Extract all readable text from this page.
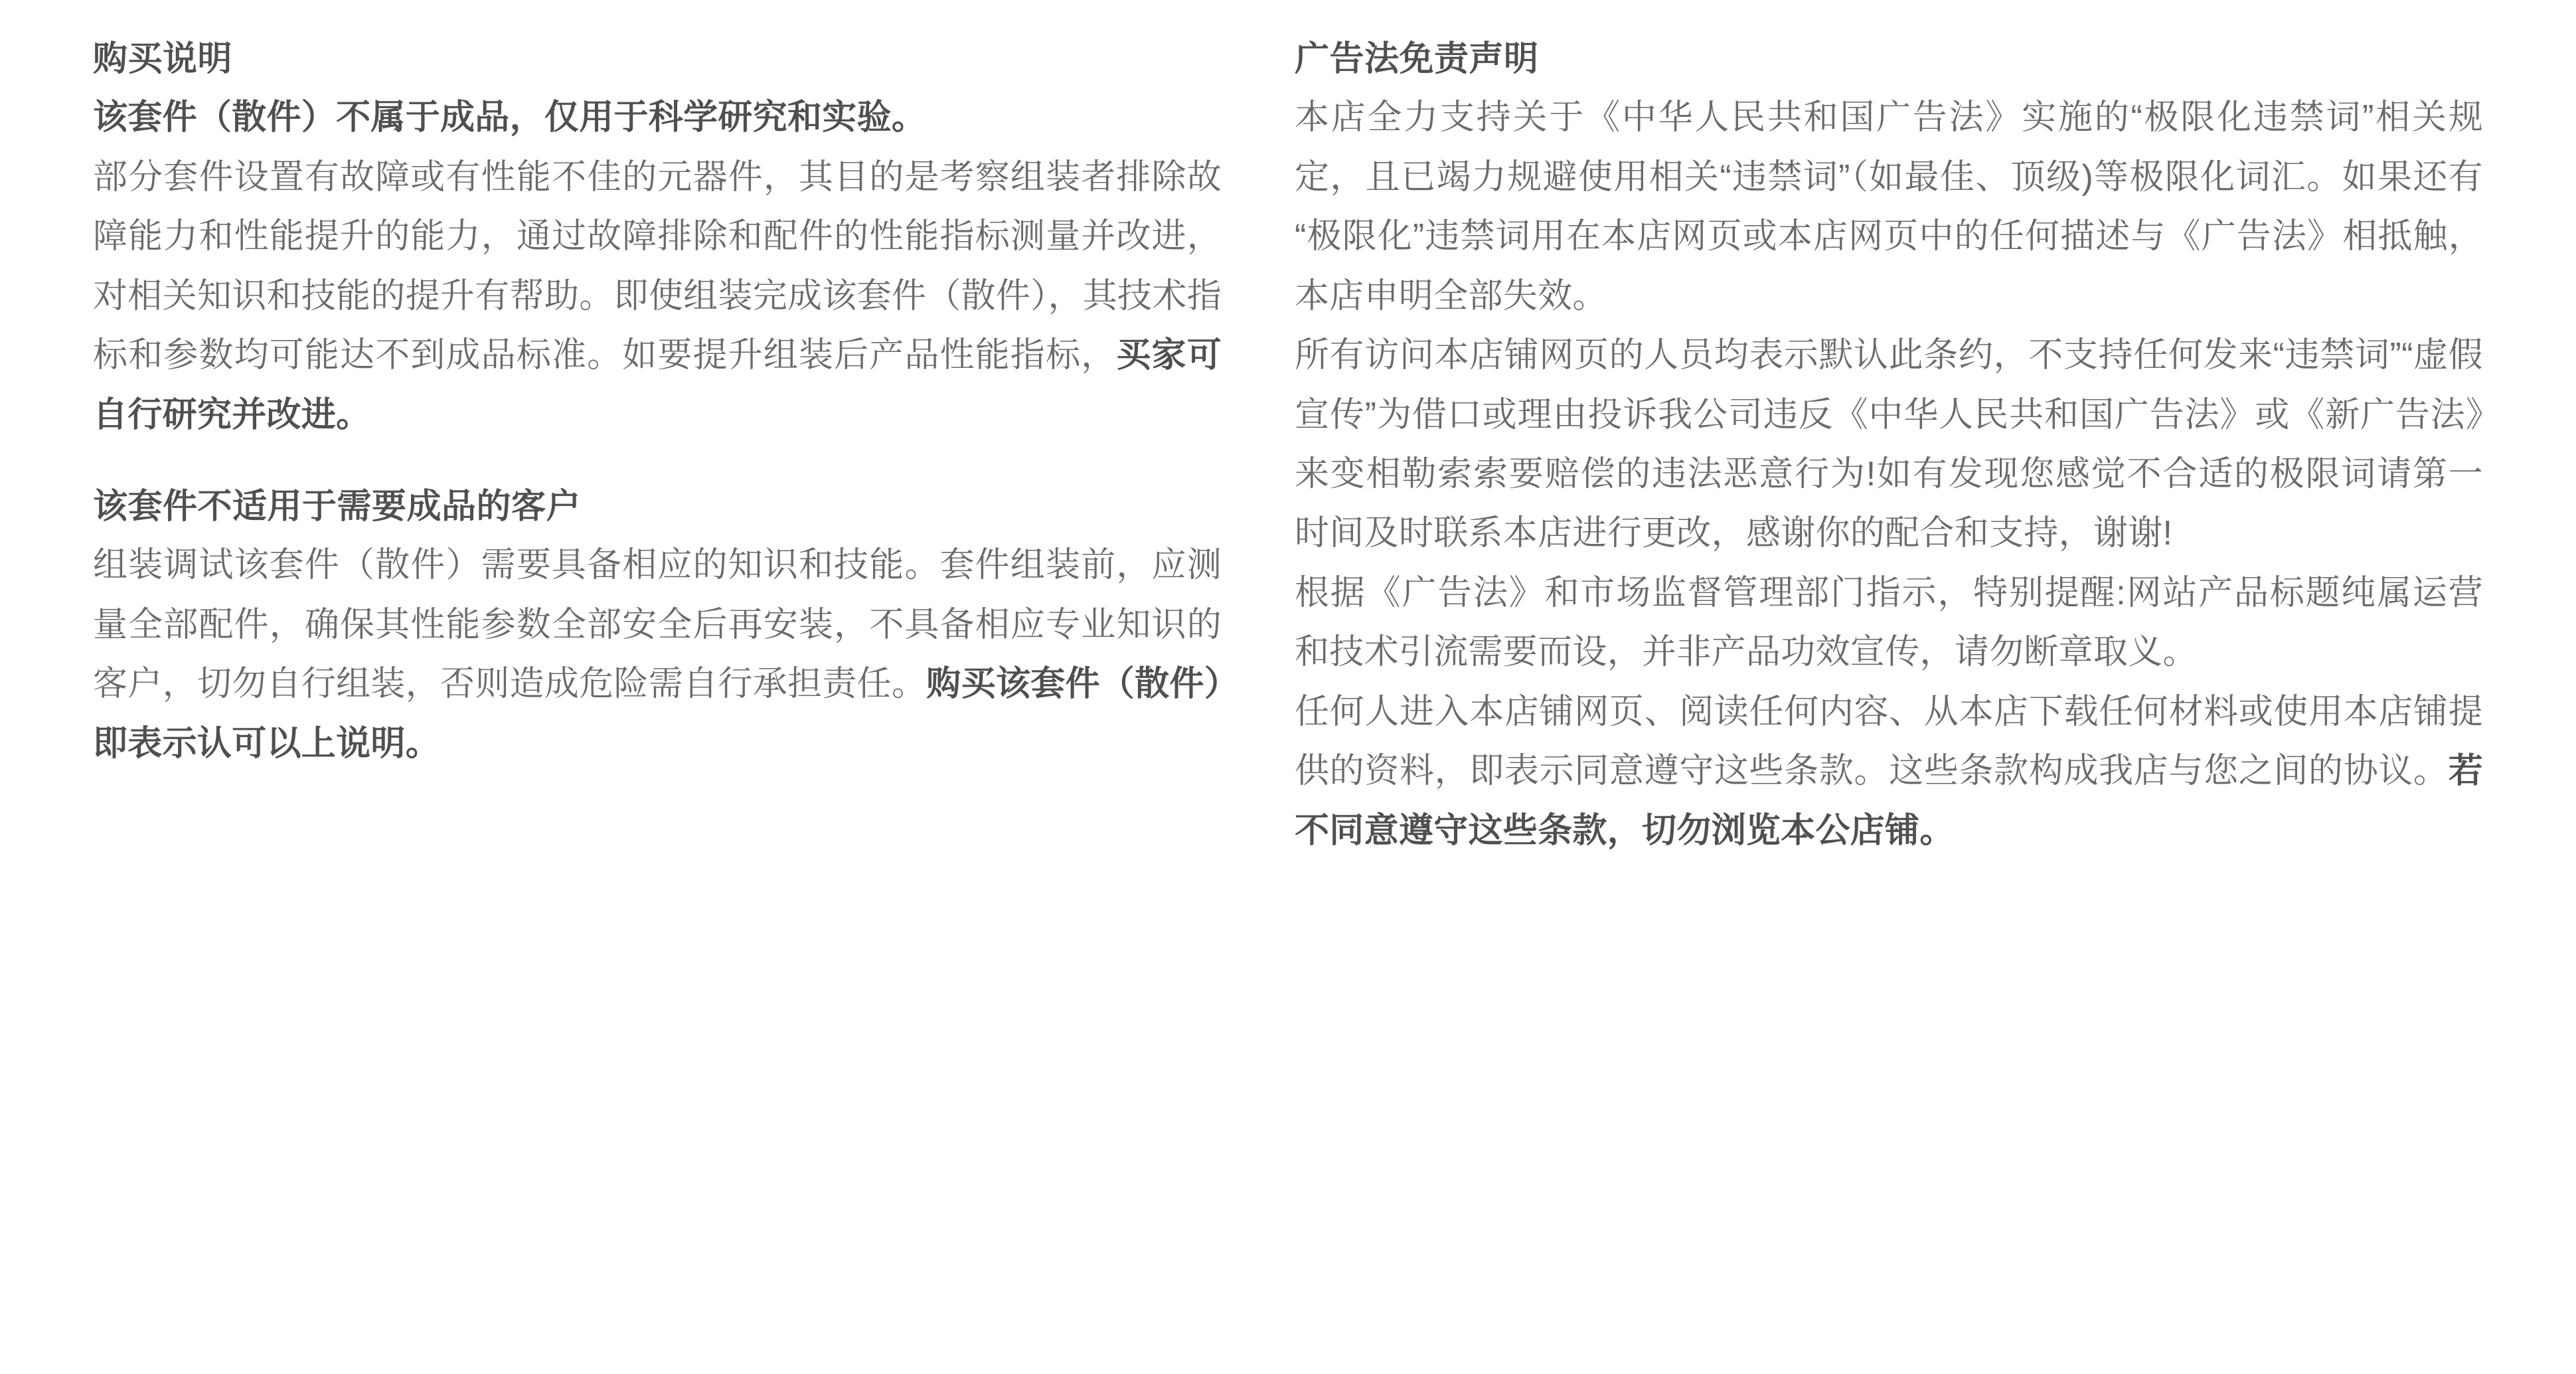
购买说明

该套件（散件）不属于成品，仅用于科学研究和实验。

部分套件设置有故障或有性能不佳的元器件，其目的是考察组装者排除故障能力和性能提升的能力，通过故障排除和配件的性能指标测量并改进，对相关知识和技能的提升有帮助。即使组装完成该套件（散件），其技术指标和参数均可能达不到成品标准。如要提升组装后产品性能指标，买家可自行研究并改进。

该套件不适用于需要成品的客户

组装调试该套件（散件）需要具备相应的知识和技能。套件组装前，应测量全部配件，确保其性能参数全部安全后再安装，不具备相应专业知识的客户，切勿自行组装，否则造成危险需自行承担责任。购买该套件（散件）即表示认可以上说明。

广告法免责声明

本店全力支持关于《中华人民共和国广告法》实施的“极限化违禁词”相关规定，且已竭力规避使用相关“违禁词”（如最佳、顶级)等极限化词汇。如果还有“极限化”违禁词用在本店网页或本店网页中的任何描述与《广告法》相抵触，本店申明全部失效。

所有访问本店铺网页的人员均表示默认此条约，不支持任何发来“违禁词”“虚假宣传”为借口或理由投诉我公司违反《中华人民共和国广告法》或《新广告法》来变相勒索索要赔偿的违法恶意行为!如有发现您感觉不合适的极限词请第一时间及时联系本店进行更改，感谢你的配合和支持，谢谢!

根据《广告法》和市场监督管理部门指示，特别提醒:网站产品标题纯属运营和技术引流需要而设，并非产品功效宣传，请勿断章取义。

任何人进入本店铺网页、阅读任何内容、从本店下载任何材料或使用本店铺提供的资料，即表示同意遵守这些条款。这些条款构成我店与您之间的协议。若不同意遵守这些条款，切勿浏览本公店铺。
